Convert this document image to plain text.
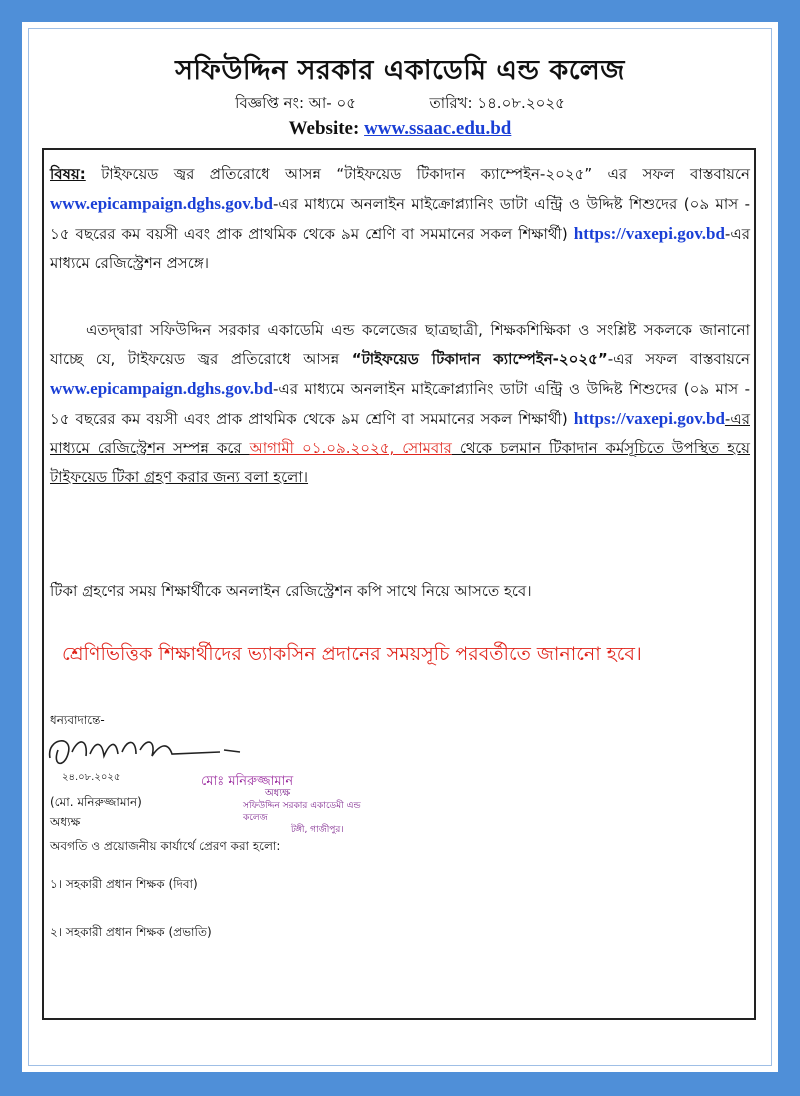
সফিউদ্দিন সরকার একাডেমি এন্ড কলেজ
বিজ্ঞপ্তি নং: আ- ০৫	তারিখ: ১৪.০৮.২০২৫
Website: www.ssaac.edu.bd
বিষয়: টাইফয়েড জ্বর প্রতিরোধে আসন্ন “টাইফয়েড টিকাদান ক্যাম্পেইন-২০২৫” এর সফল বাস্তবায়নে www.epicampaign.dghs.gov.bd-এর মাধ্যমে অনলাইন মাইক্রোপ্ল্যানিং ডাটা এন্ট্রি ও উদ্দিষ্ট শিশুদের (০৯ মাস - ১৫ বছরের কম বয়সী এবং প্রাক প্রাথমিক থেকে ৯ম শ্রেণি বা সমমানের সকল শিক্ষার্থী) https://vaxepi.gov.bd-এর মাধ্যমে রেজিস্ট্রেশন প্রসঙ্গে।
এতদ্দ্বারা সফিউদ্দিন সরকার একাডেমি এন্ড কলেজের ছাত্রছাত্রী, শিক্ষকশিক্ষিকা ও সংশ্লিষ্ট সকলকে জানানো যাচ্ছে যে, টাইফয়েড জ্বর প্রতিরোধে আসন্ন “টাইফয়েড টিকাদান ক্যাম্পেইন-২০২৫”-এর সফল বাস্তবায়নে www.epicampaign.dghs.gov.bd-এর মাধ্যমে অনলাইন মাইক্রোপ্ল্যানিং ডাটা এন্ট্রি ও উদ্দিষ্ট শিশুদের (০৯ মাস - ১৫ বছরের কম বয়সী এবং প্রাক প্রাথমিক থেকে ৯ম শ্রেণি বা সমমানের সকল শিক্ষার্থী) https://vaxepi.gov.bd-এর মাধ্যমে রেজিস্ট্রেশন সম্পন্ন করে আগামী ০১.০৯.২০২৫, সোমবার থেকে চলমান টিকাদান কর্মসূচিতে উপস্থিত হয়ে টাইফয়েড টিকা গ্রহণ করার জন্য বলা হলো।
টিকা গ্রহণের সময় শিক্ষার্থীকে অনলাইন রেজিস্ট্রেশন কপি সাথে নিয়ে আসতে হবে।
শ্রেণিভিত্তিক শিক্ষার্থীদের ভ্যাকসিন প্রদানের সময়সূচি পরবর্তীতে জানানো হবে।
ধন্যবাদান্তে-
২৪.০৮.২০২৫	মোঃ মনিরুজ্জামান
অধ্যক্ষ
সফিউদ্দিন সরকার একাডেমী এন্ড কলেজ
টঙ্গী, গাজীপুর।
(মো. মনিরুজ্জামান)
অধ্যক্ষ
অবগতি ও প্রয়োজনীয় কার্যার্থে প্রেরণ করা হলো:
১। সহকারী প্রধান শিক্ষক (দিবা)
২। সহকারী প্রধান শিক্ষক (প্রভাতি)
